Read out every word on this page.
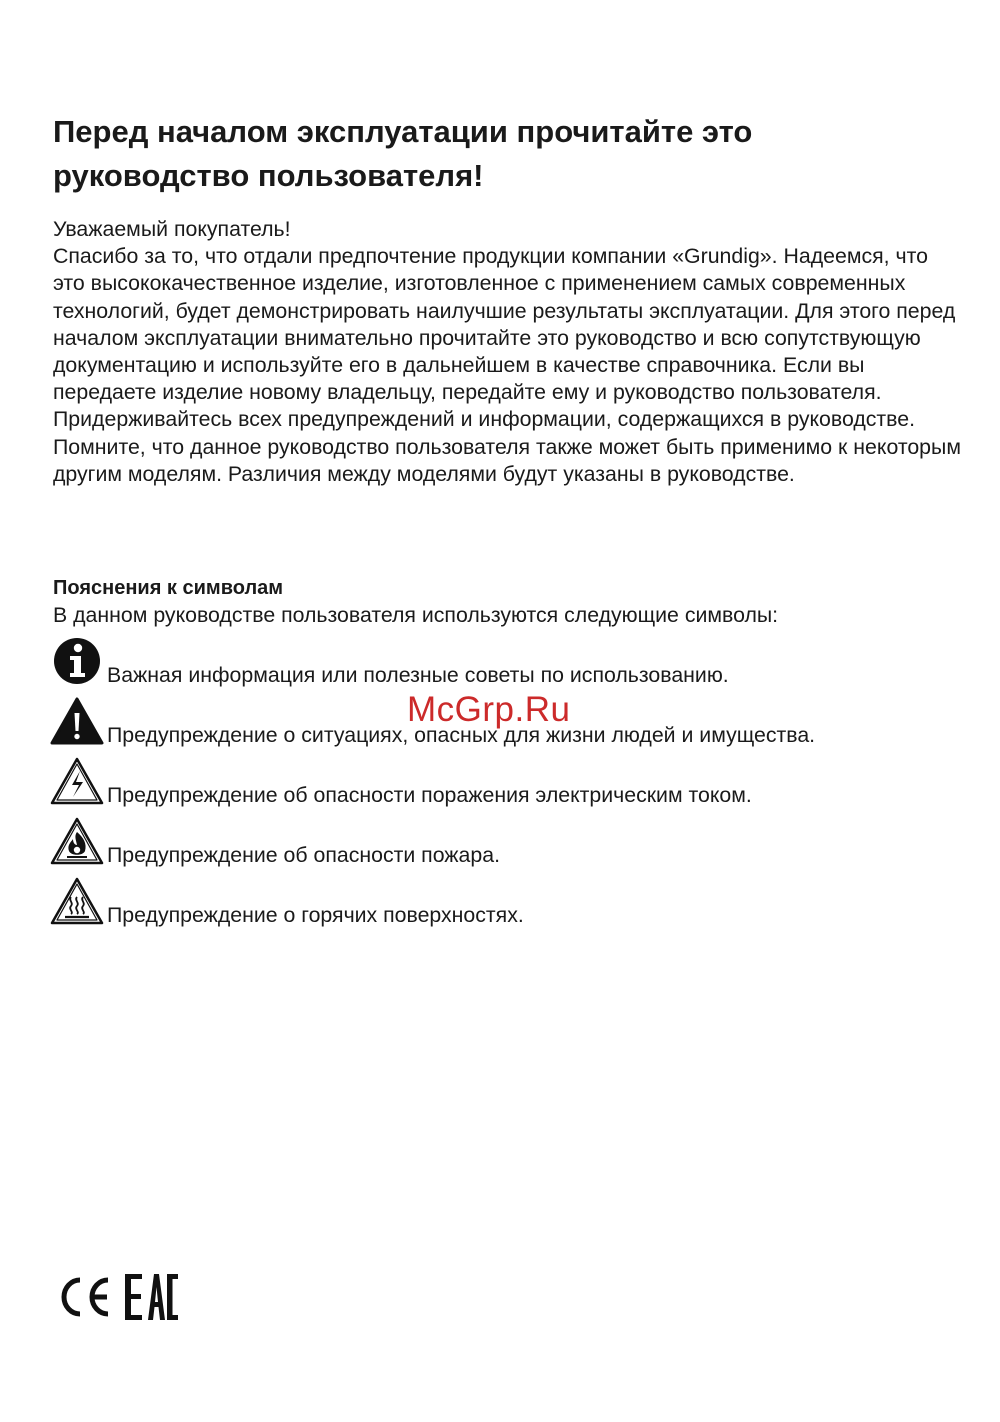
Перед началом эксплуатации прочитайте это руководство пользователя!

Уважаемый покупатель!

Спасибо за то, что отдали предпочтение продукции компании «Grundig». Надеемся, что это высококачественное изделие, изготовленное с применением самых современных технологий, будет демонстрировать наилучшие результаты эксплуатации. Для этого перед началом эксплуатации внимательно прочитайте это руководство и всю сопутствующую документацию и используйте его в дальнейшем в качестве справочника. Если вы передаете изделие новому владельцу, передайте ему и руководство пользователя. Придерживайтесь всех предупреждений и информации, содержащихся в руководстве.

Помните, что данное руководство пользователя также может быть применимо к некоторым другим моделям. Различия между моделями будут указаны в руководстве.

Пояснения к символам
В данном руководстве пользователя используются следующие символы:
Важная информация или полезные советы по использованию.
Предупреждение о ситуациях, опасных для жизни людей и имущества.
Предупреждение об опасности поражения электрическим током.
Предупреждение об опасности пожара.
Предупреждение о горячих поверхностях.
McGrp.Ru
